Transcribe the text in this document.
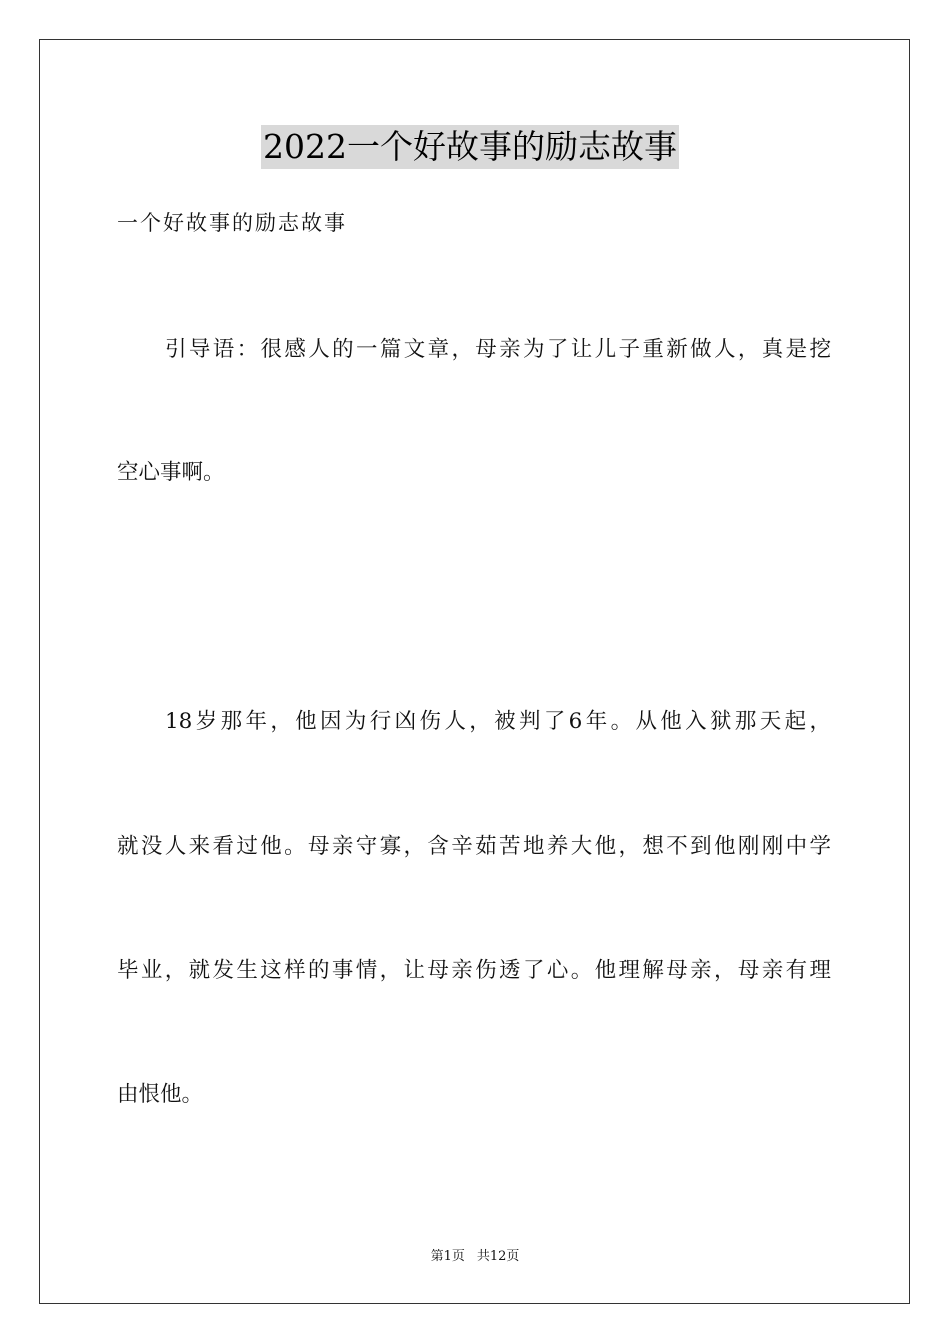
2022一个好故事的励志故事
一个好故事的励志故事
引导语：很感人的一篇文章，母亲为了让儿子重新做人，真是挖
空心事啊。
18岁那年，他因为行凶伤人，被判了6年。从他入狱那天起，
就没人来看过他。母亲守寡，含辛茹苦地养大他，想不到他刚刚中学
毕业，就发生这样的事情，让母亲伤透了心。他理解母亲，母亲有理
由恨他。
第1页 共12页
